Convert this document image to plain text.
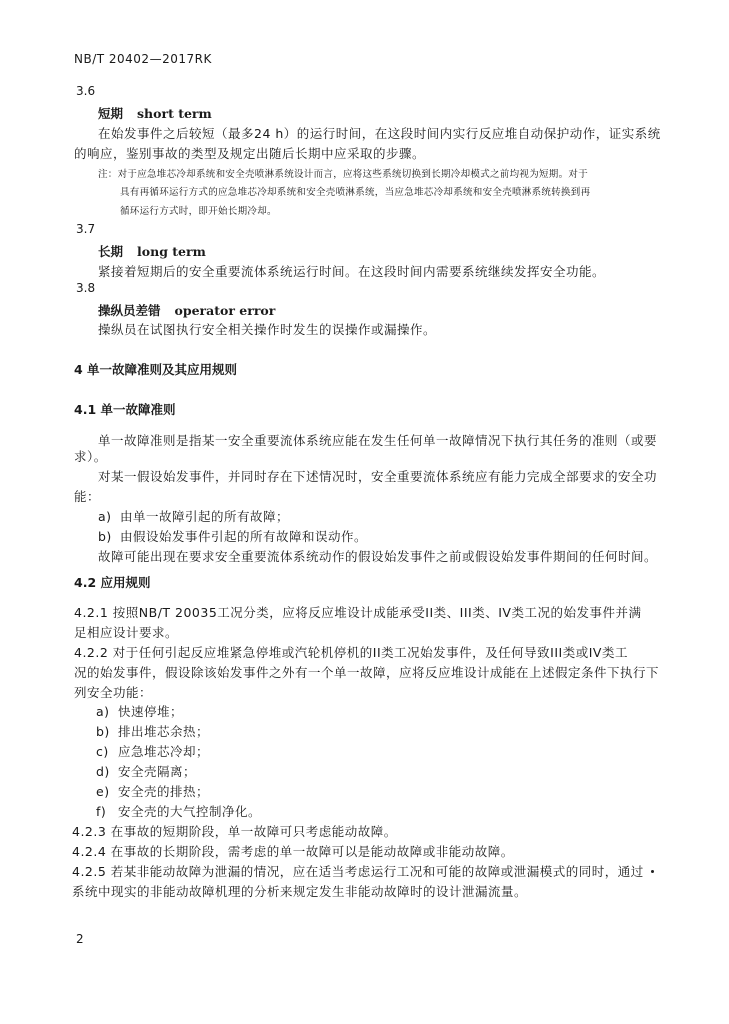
NB/T 20402—2017RK
3.6
短期 short term
在始发事件之后较短（最多24 h）的运行时间，在这段时间内实行反应堆自动保护动作，证实系统
的响应，鉴别事故的类型及规定出随后长期中应采取的步骤。
注：对于应急堆芯冷却系统和安全壳喷淋系统设计而言，应将这些系统切换到长期冷却模式之前均视为短期。对于
具有再循环运行方式的应急堆芯冷却系统和安全壳喷淋系统，当应急堆芯冷却系统和安全壳喷淋系统转换到再
循环运行方式时，即开始长期冷却。
3.7
长期 long term
紧接着短期后的安全重要流体系统运行时间。在这段时间内需要系统继续发挥安全功能。
3.8
操纵员差错 operator error
操纵员在试图执行安全相关操作时发生的误操作或漏操作。
4 单一故障准则及其应用规则
4.1 单一故障准则
单一故障准则是指某一安全重要流体系统应能在发生任何单一故障情况下执行其任务的准则（或要
求）。
对某一假设始发事件，并同时存在下述情况时，安全重要流体系统应有能力完成全部要求的安全功
能：
a) 由单一故障引起的所有故障；
b) 由假设始发事件引起的所有故障和误动作。
故障可能出现在要求安全重要流体系统动作的假设始发事件之前或假设始发事件期间的任何时间。
4.2 应用规则
4.2.1 按照NB/T 20035工况分类，应将反应堆设计成能承受II类、III类、IV类工况的始发事件并满
足相应设计要求。
4.2.2 对于任何引起反应堆紧急停堆或汽轮机停机的II类工况始发事件，及任何导致III类或IV类工
况的始发事件，假设除该始发事件之外有一个单一故障，应将反应堆设计成能在上述假定条件下执行下
列安全功能：
a) 快速停堆；
b) 排出堆芯余热；
c) 应急堆芯冷却；
d) 安全壳隔离；
e) 安全壳的排热；
f) 安全壳的大气控制净化。
4.2.3 在事故的短期阶段，单一故障可只考虑能动故障。
4.2.4 在事故的长期阶段，需考虑的单一故障可以是能动故障或非能动故障。
4.2.5 若某非能动故障为泄漏的情况，应在适当考虑运行工况和可能的故障或泄漏模式的同时，通过
系统中现实的非能动故障机理的分析来规定发生非能动故障时的设计泄漏流量。
2
